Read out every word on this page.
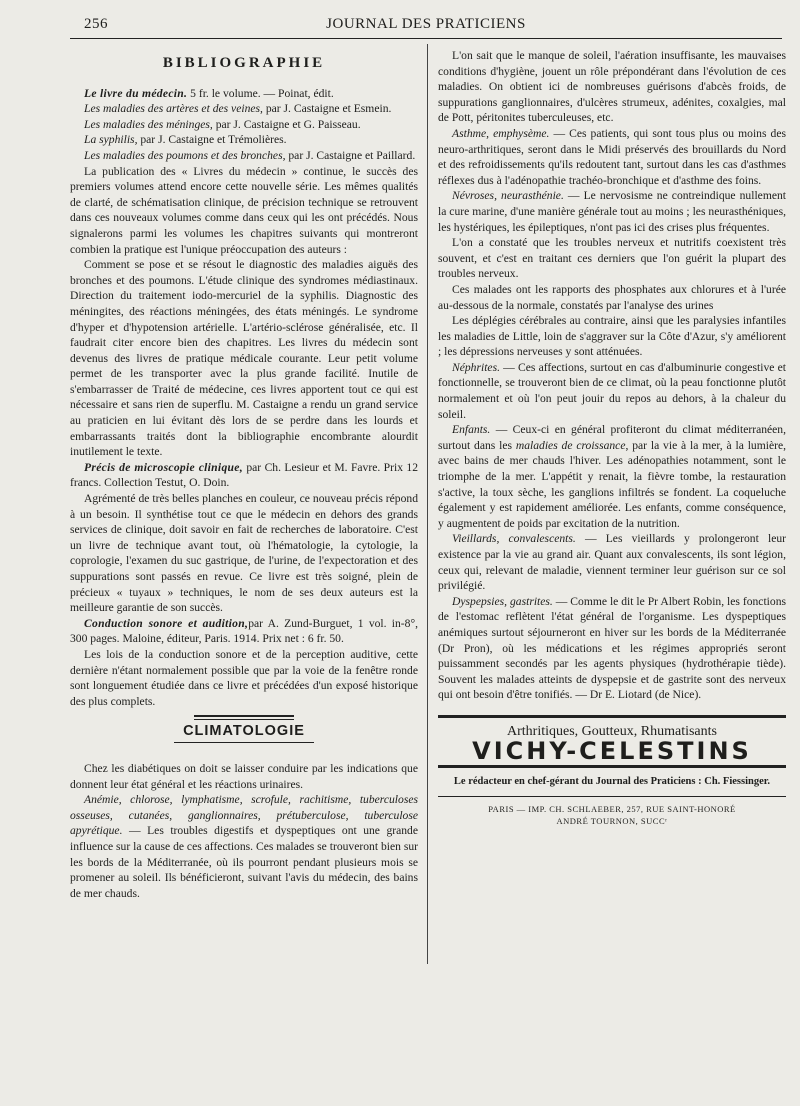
256	JOURNAL DES PRATICIENS
BIBLIOGRAPHIE

Le livre du médecin. 5 fr. le volume. — Poinat, édit.

Les maladies des artères et des veines, par J. Castaigne et Esmein.

Les maladies des méninges, par J. Castaigne et G. Paisseau.

La syphilis, par J. Castaigne et Trémolières.

Les maladies des poumons et des bronches, par J. Castaigne et Paillard.

La publication des « Livres du médecin » continue, le succès des premiers volumes attend encore cette nouvelle série. Les mêmes qualités de clarté, de schématisation clinique, de précision technique se retrouvent dans ces nouveaux volumes comme dans ceux qui les ont précédés. Nous signalerons parmi les volumes les chapitres suivants qui montreront combien la pratique est l'unique préoccupation des auteurs :

Comment se pose et se résout le diagnostic des maladies aiguës des bronches et des poumons. L'étude clinique des syndromes médiastinaux. Direction du traitement iodo-mercuriel de la syphilis. Diagnostic des méningites, des réactions méningées, des états méningés. Le syndrome d'hyper et d'hypotension artérielle. L'artério-sclérose généralisée, etc. Il faudrait citer encore bien des chapitres. Les livres du médecin sont devenus des livres de pratique médicale courante. Leur petit volume permet de les transporter avec la plus grande facilité. Inutile de s'embarrasser de Traité de médecine, ces livres apportent tout ce qui est nécessaire et sans rien de superflu. M. Castaigne a rendu un grand service au praticien en lui évitant dès lors de se perdre dans les lourds et embarrassants traités dont la bibliographie encombrante alourdit inutilement le texte.

Précis de microscopie clinique, par Ch. Lesieur et M. Favre. Prix 12 francs. Collection Testut, O. Doin.

Agrémenté de très belles planches en couleur, ce nouveau précis répond à un besoin. Il synthétise tout ce que le médecin en dehors des grands services de clinique, doit savoir en fait de recherches de laboratoire. C'est un livre de technique avant tout, où l'hématologie, la cytologie, la coprologie, l'examen du suc gastrique, de l'urine, de l'expectoration et des suppurations sont passés en revue. Ce livre est très soigné, plein de précieux « tuyaux » techniques, le nom de ses deux auteurs est la meilleure garantie de son succès.

Conduction sonore et audition,par A. Zund-Burguet, 1 vol. in-8°, 300 pages. Maloine, éditeur, Paris. 1914. Prix net : 6 fr. 50.

Les lois de la conduction sonore et de la perception auditive, cette dernière n'étant normalement possible que par la voie de la fenêtre ronde sont longuement étudiée dans ce livre et précédées d'un exposé historique des plus complets.

CLIMATOLOGIE

Chez les diabétiques on doit se laisser conduire par les indications que donnent leur état général et les réactions urinaires.

Anémie, chlorose, lymphatisme, scrofule, rachitisme, tuberculoses osseuses, cutanées, ganglionnaires, prétuberculose, tuberculose apyrétique. — Les troubles digestifs et dyspeptiques ont une grande influence sur la cause de ces affections. Ces malades se trouveront bien sur les bords de la Méditerranée, où ils pourront pendant plusieurs mois se promener au soleil. Ils bénéficieront, suivant l'avis du médecin, des bains de mer chauds.

L'on sait que le manque de soleil, l'aération insuffisante, les mauvaises conditions d'hygiène, jouent un rôle prépondérant dans l'évolution de ces maladies. On obtient ici de nombreuses guérisons d'abcès froids, de suppurations ganglionnaires, d'ulcères strumeux, adénites, coxalgies, mal de Pott, péritonites tuberculeuses, etc.

Asthme, emphysème. — Ces patients, qui sont tous plus ou moins des neuro-arthritiques, seront dans le Midi préservés des brouillards du Nord et des refroidissements qu'ils redoutent tant, surtout dans les cas d'asthmes réflexes dus à l'adénopathie trachéo-bronchique et d'asthme des foins.

Névroses, neurasthénie. — Le nervosisme ne contreindique nullement la cure marine, d'une manière générale tout au moins ; les neurasthéniques, les hystériques, les épileptiques, n'ont pas ici des crises plus fréquentes.

L'on a constaté que les troubles nerveux et nutritifs coexistent très souvent, et c'est en traitant ces derniers que l'on guérit la plupart des troubles nerveux.

Ces malades ont les rapports des phosphates aux chlorures et à l'urée au-dessous de la normale, constatés par l'analyse des urines

Les déplégies cérébrales au contraire, ainsi que les paralysies infantiles les maladies de Little, loin de s'aggraver sur la Côte d'Azur, s'y améliorent ; les dépressions nerveuses y sont atténuées.

Néphrites. — Ces affections, surtout en cas d'albuminurie congestive et fonctionnelle, se trouveront bien de ce climat, où la peau fonctionne plutôt normalement et où l'on peut jouir du repos au dehors, à la chaleur du soleil.

Enfants. — Ceux-ci en général profiteront du climat méditerranéen, surtout dans les maladies de croissance, par la vie à la mer, à la lumière, avec bains de mer chauds l'hiver. Les adénopathies notamment, sont le triomphe de la mer. L'appétit y renait, la fièvre tombe, la restauration s'active, la toux sèche, les ganglions infiltrés se fondent. La coqueluche également y est rapidement améliorée. Les enfants, comme conséquence, y augmentent de poids par excitation de la nutrition.

Vieillards, convalescents. — Les vieillards y prolongeront leur existence par la vie au grand air. Quant aux convalescents, ils sont légion, ceux qui, relevant de maladie, viennent terminer leur guérison sur ce sol privilégié.

Dyspepsies, gastrites. — Comme le dit le Pr Albert Robin, les fonctions de l'estomac reflètent l'état général de l'organisme. Les dyspeptiques anémiques surtout séjourneront en hiver sur les bords de la Méditerranée (Dr Pron), où les médications et les régimes appropriés seront puissamment secondés par les agents physiques (hydrothérapie tiède). Souvent les malades atteints de dyspepsie et de gastrite sont des nerveux qui ont besoin d'être tonifiés. — Dr E. Liotard (de Nice).

Arthritiques, Goutteux, Rhumatisants
VICHY-CELESTINS
Le rédacteur en chef-gérant du Journal des Praticiens : Ch. Fiessinger.
PARIS — IMP. CH. SCHLAEBER, 257, RUE SAINT-HONORÉ
ANDRÉ TOURNON, SUCCʳ
